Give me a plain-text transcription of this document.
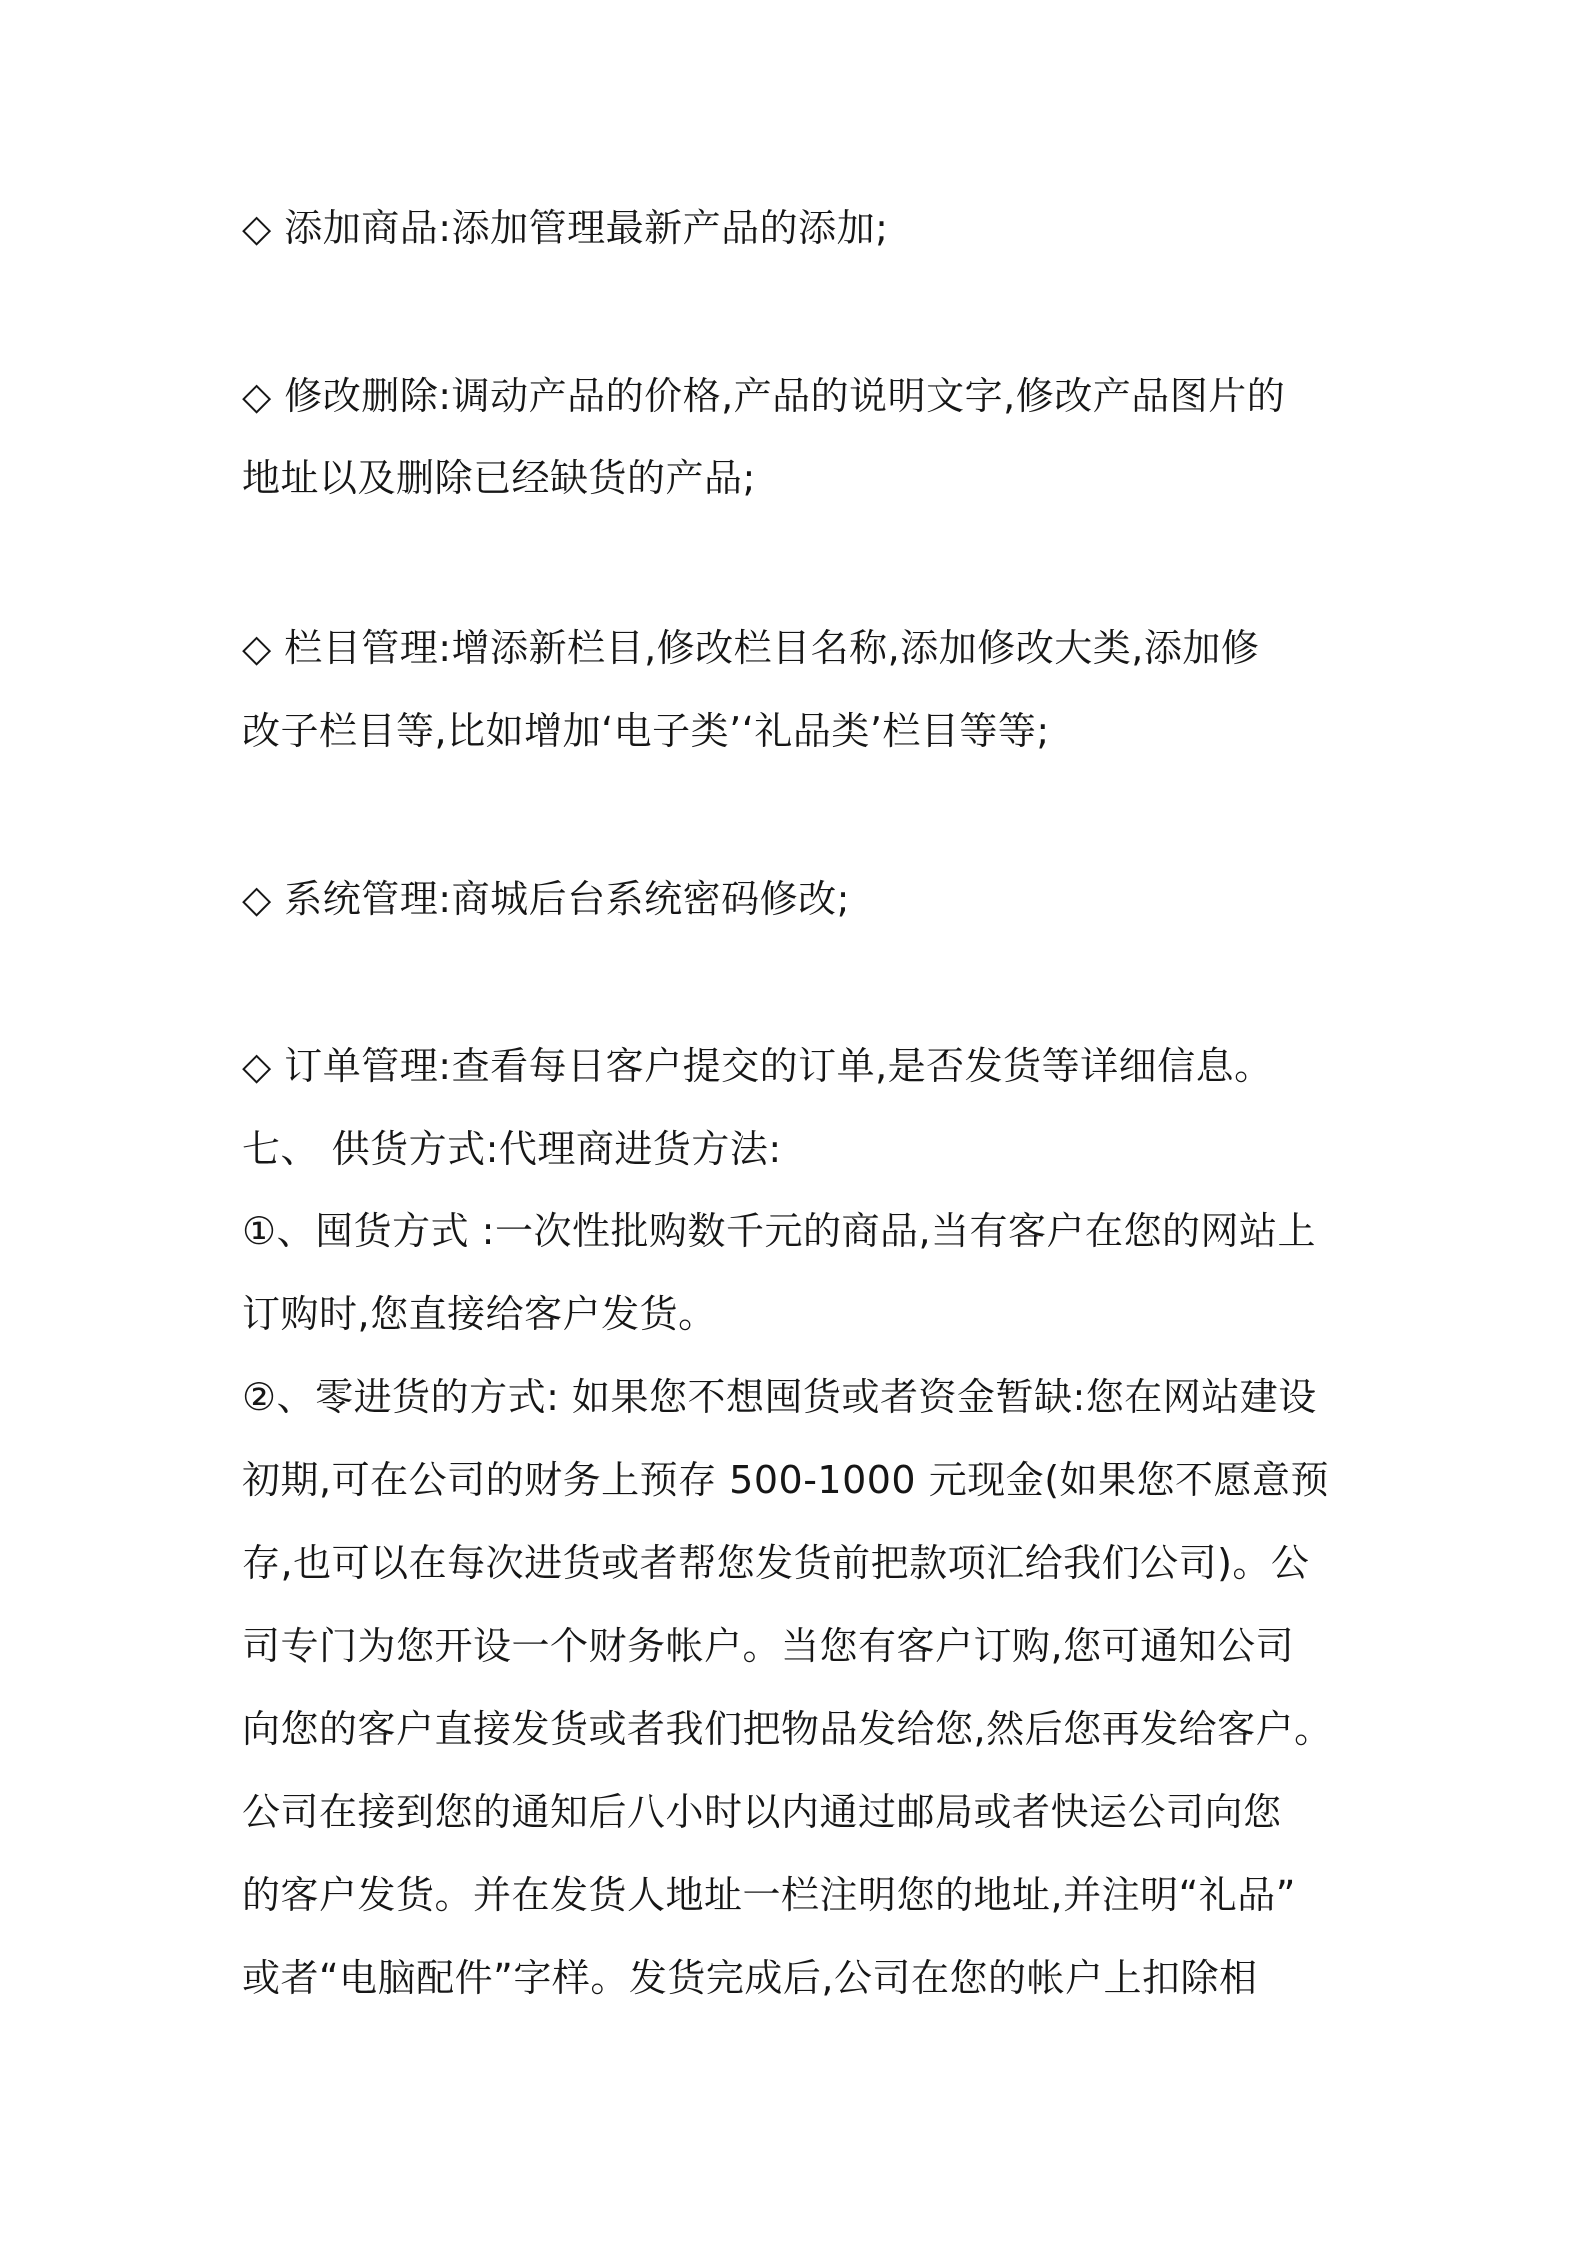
◇ 添加商品:添加管理最新产品的添加;
◇ 修改删除:调动产品的价格,产品的说明文字,修改产品图片的
地址以及删除已经缺货的产品;
◇ 栏目管理:增添新栏目,修改栏目名称,添加修改大类,添加修
改子栏目等,比如增加‘电子类’‘礼品类’栏目等等;
◇ 系统管理:商城后台系统密码修改;
◇ 订单管理:查看每日客户提交的订单,是否发货等详细信息。
七、 供货方式:代理商进货方法:
①、囤货方式 :一次性批购数千元的商品,当有客户在您的网站上
订购时,您直接给客户发货。
②、零进货的方式: 如果您不想囤货或者资金暂缺:您在网站建设
初期,可在公司的财务上预存 500-1000 元现金(如果您不愿意预
存,也可以在每次进货或者帮您发货前把款项汇给我们公司)。公
司专门为您开设一个财务帐户。当您有客户订购,您可通知公司
向您的客户直接发货或者我们把物品发给您,然后您再发给客户。
公司在接到您的通知后八小时以内通过邮局或者快运公司向您
的客户发货。并在发货人地址一栏注明您的地址,并注明“礼品”
或者“电脑配件”字样。发货完成后,公司在您的帐户上扣除相
